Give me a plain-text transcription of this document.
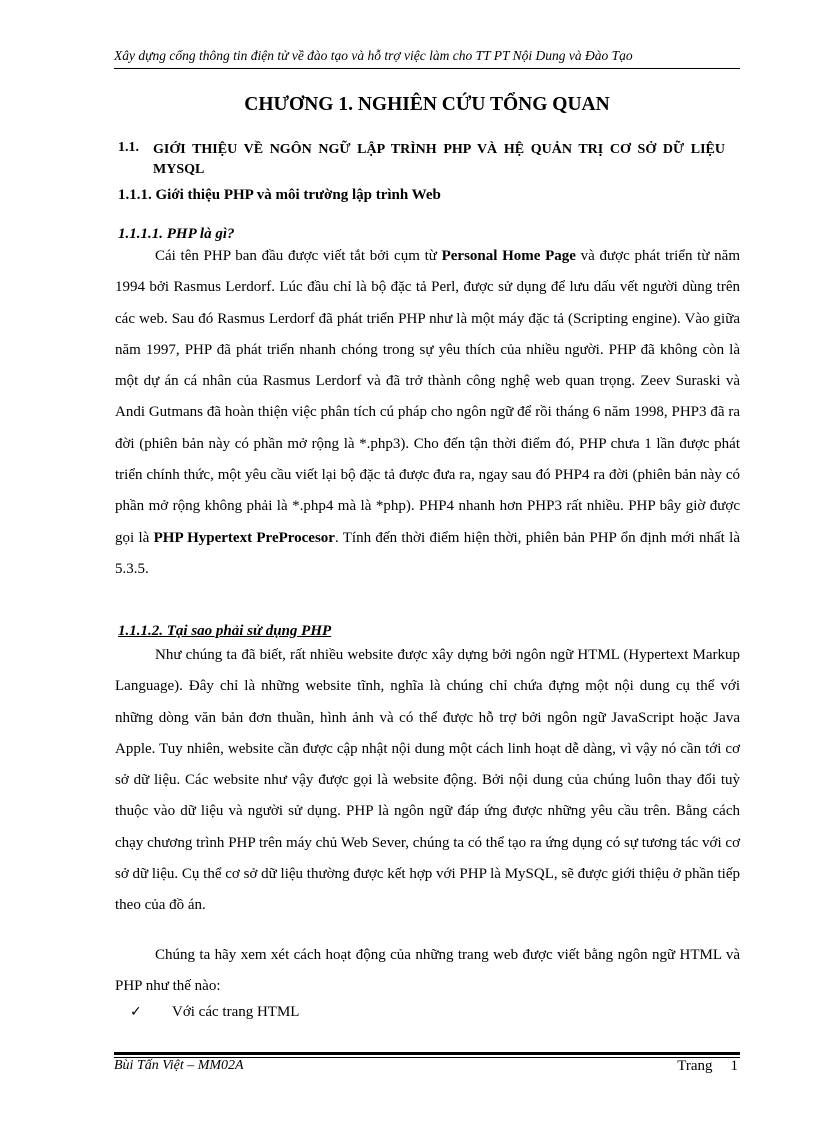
Xây dựng cổng thông tin điện tử về đào tạo và hỗ trợ việc làm cho TT PT Nội Dung và Đào Tạo
CHƯƠNG 1. NGHIÊN CỨU TỔNG QUAN
1.1. GIỚI THIỆU VỀ NGÔN NGỮ LẬP TRÌNH PHP VÀ HỆ QUẢN TRỊ CƠ SỞ DỮ LIỆU MYSQL
1.1.1. Giới thiệu PHP và môi trường lập trình Web
1.1.1.1. PHP là gì?
Cái tên PHP ban đầu được viết tắt bởi cụm từ Personal Home Page và được phát triển từ năm 1994 bởi Rasmus Lerdorf. Lúc đầu chỉ là bộ đặc tả Perl, được sử dụng để lưu dấu vết người dùng trên các web. Sau đó Rasmus Lerdorf đã phát triển PHP như là một máy đặc tả (Scripting engine). Vào giữa năm 1997, PHP đã phát triển nhanh chóng trong sự yêu thích của nhiều người. PHP đã không còn là một dự án cá nhân của Rasmus Lerdorf và đã trở thành công nghệ web quan trọng. Zeev Suraski và Andi Gutmans đã hoàn thiện việc phân tích cú pháp cho ngôn ngữ để rồi tháng 6 năm 1998, PHP3 đã ra đời (phiên bản này có phần mở rộng là *.php3). Cho đến tận thời điểm đó, PHP chưa 1 lần được phát triển chính thức, một yêu cầu viết lại bộ đặc tả được đưa ra, ngay sau đó PHP4 ra đời (phiên bản này có phần mở rộng không phải là *.php4 mà là *php). PHP4 nhanh hơn PHP3 rất nhiều. PHP bây giờ được gọi là PHP Hypertext PreProcesor. Tính đến thời điểm hiện thời, phiên bản PHP ổn định mới nhất là 5.3.5.
1.1.1.2. Tại sao phải sử dụng PHP
Như chúng ta đã biết, rất nhiều website được xây dựng bởi ngôn ngữ HTML (Hypertext Markup Language). Đây chỉ là những website tĩnh, nghĩa là chúng chỉ chứa đựng một nội dung cụ thể với những dòng văn bản đơn thuần, hình ảnh và có thể được hỗ trợ bởi ngôn ngữ JavaScript hoặc Java Apple. Tuy nhiên, website cần được cập nhật nội dung một cách linh hoạt dễ dàng, vì vậy nó cần tới cơ sở dữ liệu. Các website như vậy được gọi là website động. Bởi nội dung của chúng luôn thay đổi tuỳ thuộc vào dữ liệu và người sử dụng. PHP là ngôn ngữ đáp ứng được những yêu cầu trên. Bằng cách chạy chương trình PHP trên máy chủ Web Sever, chúng ta có thể tạo ra ứng dụng có sự tương tác với cơ sở dữ liệu. Cụ thể cơ sở dữ liệu thường được kết hợp với PHP là MySQL, sẽ được giới thiệu ở phần tiếp theo của đồ án.
Chúng ta hãy xem xét cách hoạt động của những trang web được viết bằng ngôn ngữ HTML và PHP như thế nào:
✓ Với các trang HTML
Bùi Tấn Việt – MM02A	Trang 1
